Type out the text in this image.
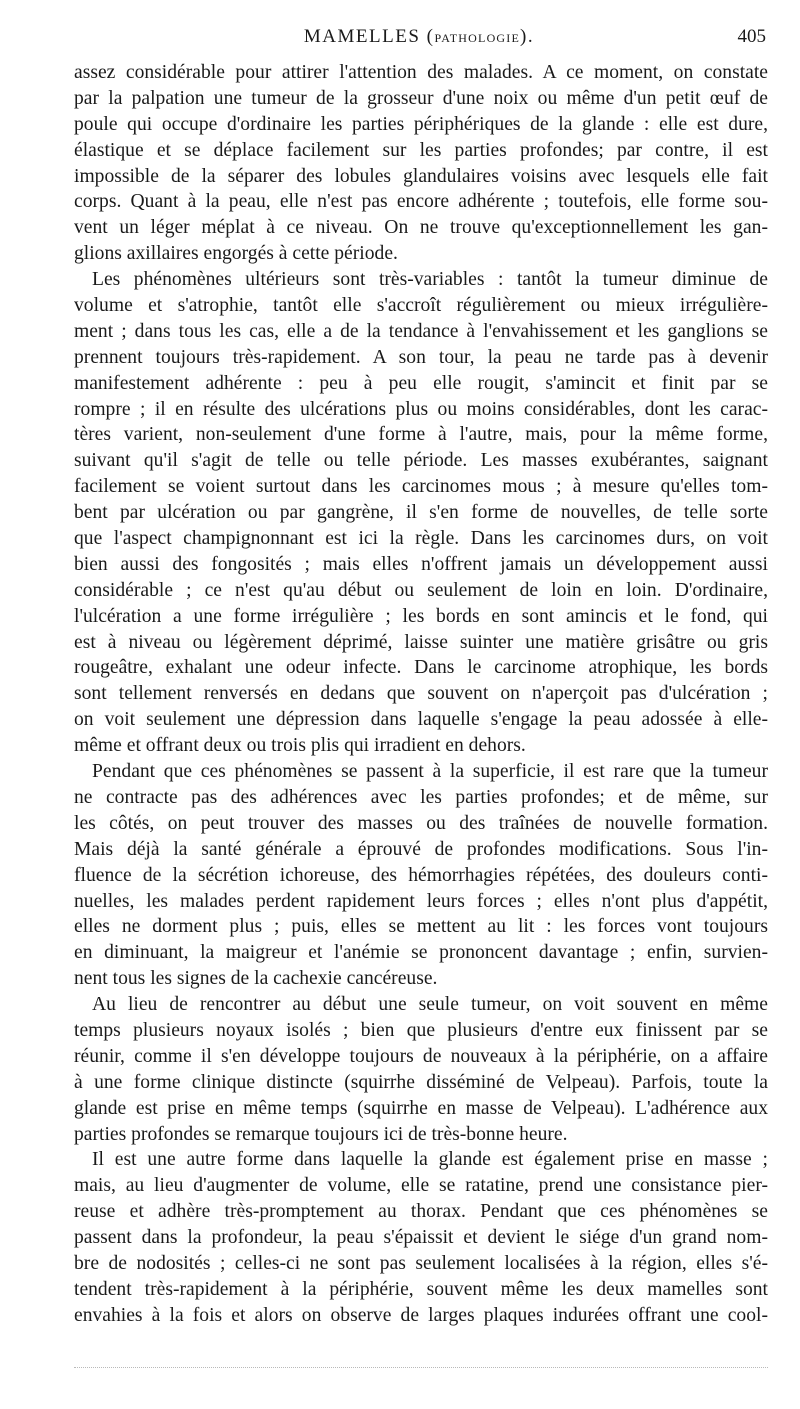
MAMELLES (PATHOLOGIE).	405
assez considérable pour attirer l'attention des malades. A ce moment, on constate
par la palpation une tumeur de la grosseur d'une noix ou même d'un petit œuf de
poule qui occupe d'ordinaire les parties périphériques de la glande : elle est dure,
élastique et se déplace facilement sur les parties profondes; par contre, il est
impossible de la séparer des lobules glandulaires voisins avec lesquels elle fait
corps. Quant à la peau, elle n'est pas encore adhérente ; toutefois, elle forme sou-
vent un léger méplat à ce niveau. On ne trouve qu'exceptionnellement les gan-
glions axillaires engorgés à cette période.
Les phénomènes ultérieurs sont très-variables : tantôt la tumeur diminue de
volume et s'atrophie, tantôt elle s'accroît régulièrement ou mieux irrégulière-
ment ; dans tous les cas, elle a de la tendance à l'envahissement et les ganglions se
prennent toujours très-rapidement. A son tour, la peau ne tarde pas à devenir
manifestement adhérente : peu à peu elle rougit, s'amincit et finit par se
rompre ; il en résulte des ulcérations plus ou moins considérables, dont les carac-
tères varient, non-seulement d'une forme à l'autre, mais, pour la même forme,
suivant qu'il s'agit de telle ou telle période. Les masses exubérantes, saignant
facilement se voient surtout dans les carcinomes mous ; à mesure qu'elles tom-
bent par ulcération ou par gangrène, il s'en forme de nouvelles, de telle sorte
que l'aspect champignonnant est ici la règle. Dans les carcinomes durs, on voit
bien aussi des fongosités ; mais elles n'offrent jamais un développement aussi
considérable ; ce n'est qu'au début ou seulement de loin en loin. D'ordinaire,
l'ulcération a une forme irrégulière ; les bords en sont amincis et le fond, qui
est à niveau ou légèrement déprimé, laisse suinter une matière grisâtre ou gris
rougeâtre, exhalant une odeur infecte. Dans le carcinome atrophique, les bords
sont tellement renversés en dedans que souvent on n'aperçoit pas d'ulcération ;
on voit seulement une dépression dans laquelle s'engage la peau adossée à elle-
même et offrant deux ou trois plis qui irradient en dehors.
Pendant que ces phénomènes se passent à la superficie, il est rare que la tumeur
ne contracte pas des adhérences avec les parties profondes; et de même, sur
les côtés, on peut trouver des masses ou des traînées de nouvelle formation.
Mais déjà la santé générale a éprouvé de profondes modifications. Sous l'in-
fluence de la sécrétion ichoreuse, des hémorrhagies répétées, des douleurs conti-
nuelles, les malades perdent rapidement leurs forces ; elles n'ont plus d'appétit,
elles ne dorment plus ; puis, elles se mettent au lit : les forces vont toujours
en diminuant, la maigreur et l'anémie se prononcent davantage ; enfin, survien-
nent tous les signes de la cachexie cancéreuse.
Au lieu de rencontrer au début une seule tumeur, on voit souvent en même
temps plusieurs noyaux isolés ; bien que plusieurs d'entre eux finissent par se
réunir, comme il s'en développe toujours de nouveaux à la périphérie, on a affaire
à une forme clinique distincte (squirrhe disséminé de Velpeau). Parfois, toute la
glande est prise en même temps (squirrhe en masse de Velpeau). L'adhérence aux
parties profondes se remarque toujours ici de très-bonne heure.
Il est une autre forme dans laquelle la glande est également prise en masse ;
mais, au lieu d'augmenter de volume, elle se ratatine, prend une consistance pier-
reuse et adhère très-promptement au thorax. Pendant que ces phénomènes se
passent dans la profondeur, la peau s'épaissit et devient le siége d'un grand nom-
bre de nodosités ; celles-ci ne sont pas seulement localisées à la région, elles s'é-
tendent très-rapidement à la périphérie, souvent même les deux mamelles sont
envahies à la fois et alors on observe de larges plaques indurées offrant une cool-
